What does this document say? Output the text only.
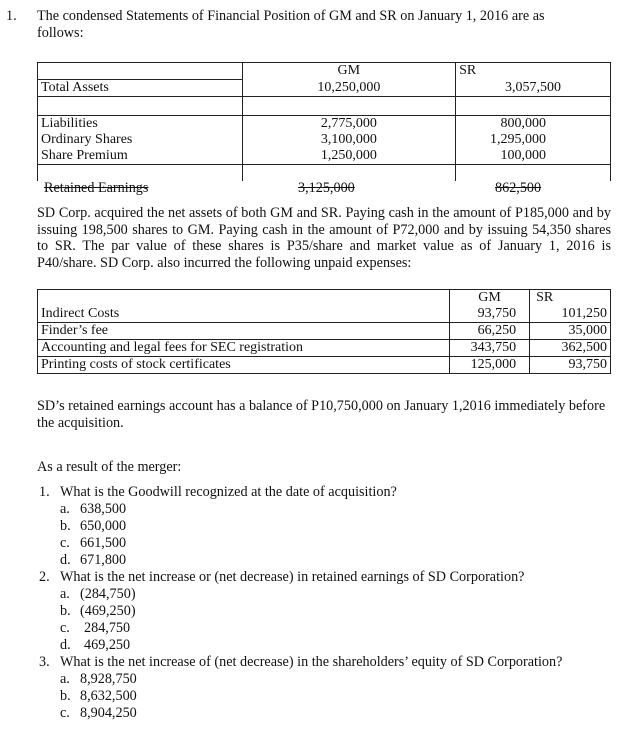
1. The condensed Statements of Financial Position of GM and SR on January 1, 2016 are as
follows:
	GM	SR
Total Assets	10,250,000	3,057,500

Liabilities	2,775,000	800,000
Ordinary Shares	3,100,000	1,295,000
Share Premium	1,250,000	100,000

Retained Earnings	3,125,000	862,500
SD Corp. acquired the net assets of both GM and SR. Paying cash in the amount of P185,000 and by issuing 198,500 shares to GM. Paying cash in the amount of P72,000 and by issuing 54,350 shares to SR. The par value of these shares is P35/share and market value as of January 1, 2016 is P40/share. SD Corp. also incurred the following unpaid expenses:
	GM	SR
Indirect Costs	93,750	101,250
Finder’s fee	66,250	35,000
Accounting and legal fees for SEC registration	343,750	362,500
Printing costs of stock certificates	125,000	93,750
SD’s retained earnings account has a balance of P10,750,000 on January 1,2016 immediately before the acquisition.
As a result of the merger:
1. What is the Goodwill recognized at the date of acquisition?
a. 638,500
b. 650,000
c. 661,500
d. 671,800
2. What is the net increase or (net decrease) in retained earnings of SD Corporation?
a. (284,750)
b. (469,250)
c. 284,750
d. 469,250
3. What is the net increase of (net decrease) in the shareholders’ equity of SD Corporation?
a. 8,928,750
b. 8,632,500
c. 8,904,250
